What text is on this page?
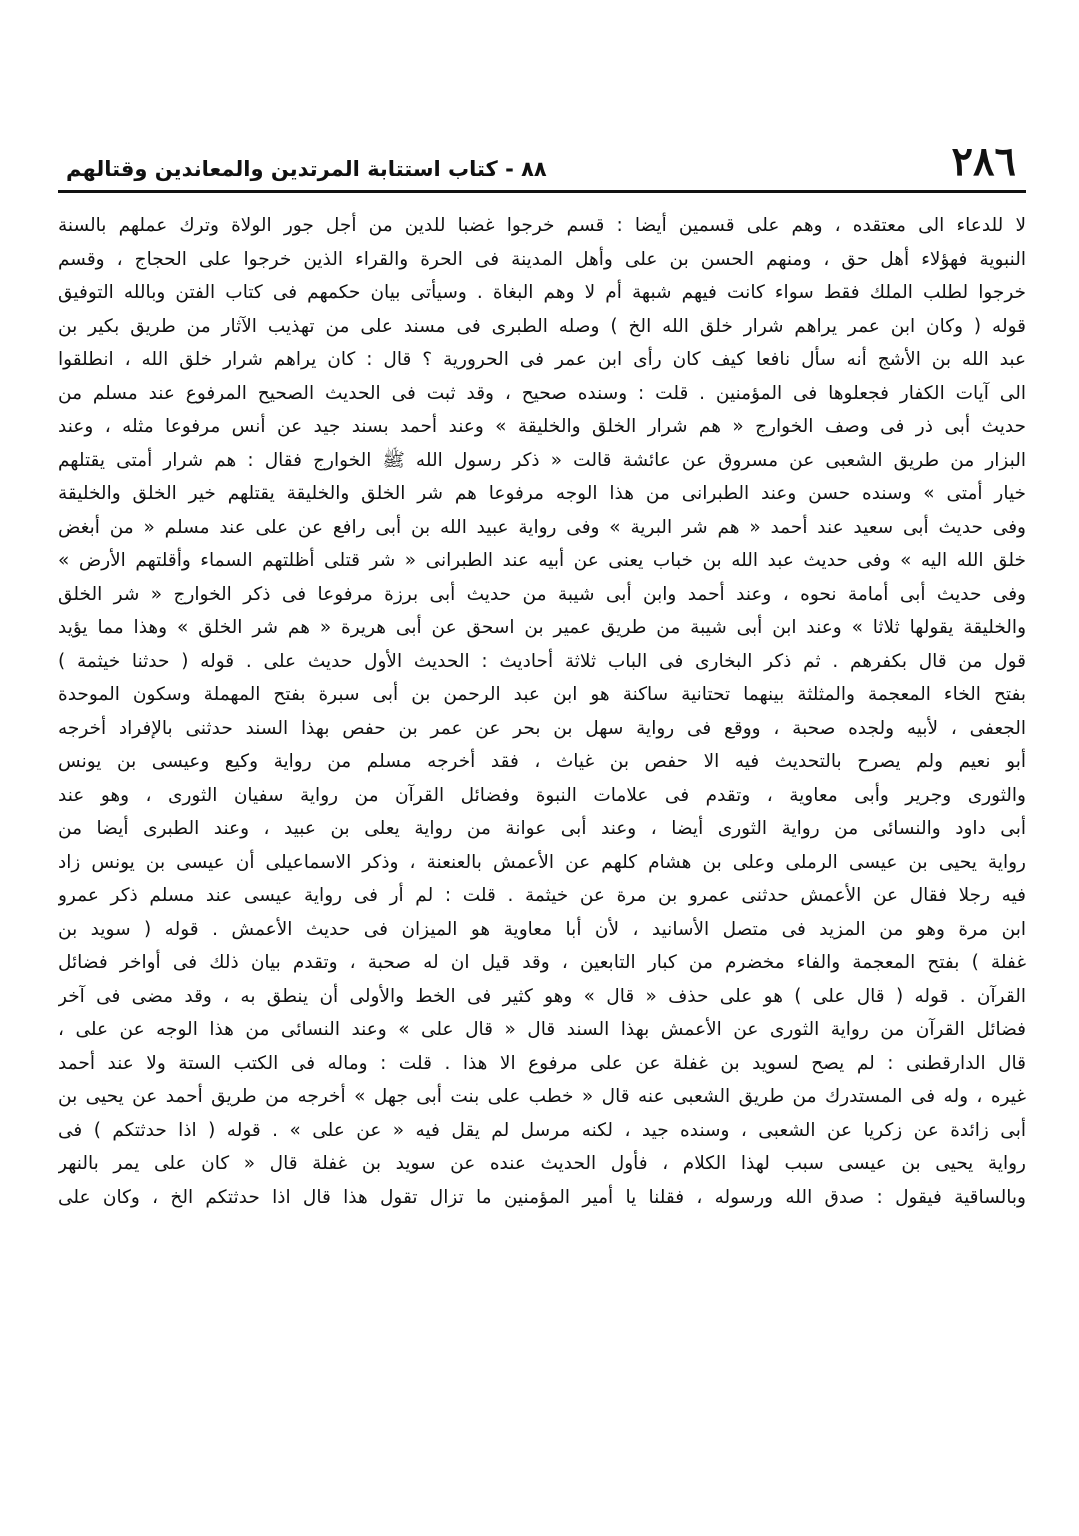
٢٨٦
٨٨ - كتاب استتابة المرتدين والمعاندين وقتالهم
لا للدعاء الى معتقده ، وهم على قسمين أيضا : قسم خرجوا غضبا للدين من أجل جور الولاة وترك عملهم بالسنة
النبوية فهؤلاء أهل حق ، ومنهم الحسن بن على وأهل المدينة فى الحرة والقراء الذين خرجوا على الحجاج ، وقسم
خرجوا لطلب الملك فقط سواء كانت فيهم شبهة أم لا وهم البغاة . وسيأتى بيان حكمهم فى كتاب الفتن وبالله التوفيق
قوله ( وكان ابن عمر يراهم شرار خلق الله الخ ) وصله الطبرى فى مسند على من تهذيب الآثار من طريق بكير بن
عبد الله بن الأشج أنه سأل نافعا كيف كان رأى ابن عمر فى الحرورية ؟ قال : كان يراهم شرار خلق الله ، انطلقوا
الى آيات الكفار فجعلوها فى المؤمنين . قلت : وسنده صحيح ، وقد ثبت فى الحديث الصحيح المرفوع عند مسلم من
حديث أبى ذر فى وصف الخوارج « هم شرار الخلق والخليقة » وعند أحمد بسند جيد عن أنس مرفوعا مثله ، وعند
البزار من طريق الشعبى عن مسروق عن عائشة قالت « ذكر رسول الله ﷺ الخوارج فقال : هم شرار أمتى يقتلهم
خيار أمتى » وسنده حسن وعند الطبرانى من هذا الوجه مرفوعا هم شر الخلق والخليقة يقتلهم خير الخلق والخليقة
وفى حديث أبى سعيد عند أحمد « هم شر البرية » وفى رواية عبيد الله بن أبى رافع عن على عند مسلم « من أبغض
خلق الله اليه » وفى حديث عبد الله بن خباب يعنى عن أبيه عند الطبرانى « شر قتلى أظلتهم السماء وأقلتهم الأرض »
وفى حديث أبى أمامة نحوه ، وعند أحمد وابن أبى شيبة من حديث أبى برزة مرفوعا فى ذكر الخوارج « شر الخلق
والخليقة يقولها ثلاثا » وعند ابن أبى شيبة من طريق عمير بن اسحق عن أبى هريرة « هم شر الخلق » وهذا مما يؤيد
قول من قال بكفرهم . ثم ذكر البخارى فى الباب ثلاثة أحاديث : الحديث الأول حديث على . قوله ( حدثنا خيثمة )
بفتح الخاء المعجمة والمثلثة بينهما تحتانية ساكنة هو ابن عبد الرحمن بن أبى سبرة بفتح المهملة وسكون الموحدة
الجعفى ، لأبيه ولجده صحبة ، ووقع فى رواية سهل بن بحر عن عمر بن حفص بهذا السند حدثنى بالإفراد أخرجه
أبو نعيم ولم يصرح بالتحديث فيه الا حفص بن غياث ، فقد أخرجه مسلم من رواية وكيع وعيسى بن يونس
والثورى وجرير وأبى معاوية ، وتقدم فى علامات النبوة وفضائل القرآن من رواية سفيان الثورى ، وهو عند
أبى داود والنسائى من رواية الثورى أيضا ، وعند أبى عوانة من رواية يعلى بن عبيد ، وعند الطبرى أيضا من
رواية يحيى بن عيسى الرملى وعلى بن هشام كلهم عن الأعمش بالعنعنة ، وذكر الاسماعيلى أن عيسى بن يونس زاد
فيه رجلا فقال عن الأعمش حدثنى عمرو بن مرة عن خيثمة . قلت : لم أر فى رواية عيسى عند مسلم ذكر عمرو
ابن مرة وهو من المزيد فى متصل الأسانيد ، لأن أبا معاوية هو الميزان فى حديث الأعمش . قوله ( سويد بن
غفلة ) بفتح المعجمة والفاء مخضرم من كبار التابعين ، وقد قيل ان له صحبة ، وتقدم بيان ذلك فى أواخر فضائل
القرآن . قوله ( قال على ) هو على حذف « قال » وهو كثير فى الخط والأولى أن ينطق به ، وقد مضى فى آخر
فضائل القرآن من رواية الثورى عن الأعمش بهذا السند قال « قال على » وعند النسائى من هذا الوجه عن على ،
قال الدارقطنى : لم يصح لسويد بن غفلة عن على مرفوع الا هذا . قلت : وماله فى الكتب الستة ولا عند أحمد
غيره ، وله فى المستدرك من طريق الشعبى عنه قال « خطب على بنت أبى جهل » أخرجه من طريق أحمد عن يحيى بن
أبى زائدة عن زكريا عن الشعبى ، وسنده جيد ، لكنه مرسل لم يقل فيه « عن على » . قوله ( اذا حدثتكم ) فى
رواية يحيى بن عيسى سبب لهذا الكلام ، فأول الحديث عنده عن سويد بن غفلة قال « كان على يمر بالنهر
وبالساقية فيقول : صدق الله ورسوله ، فقلنا يا أمير المؤمنين ما تزال تقول هذا قال اذا حدثتكم الخ ، وكان على
